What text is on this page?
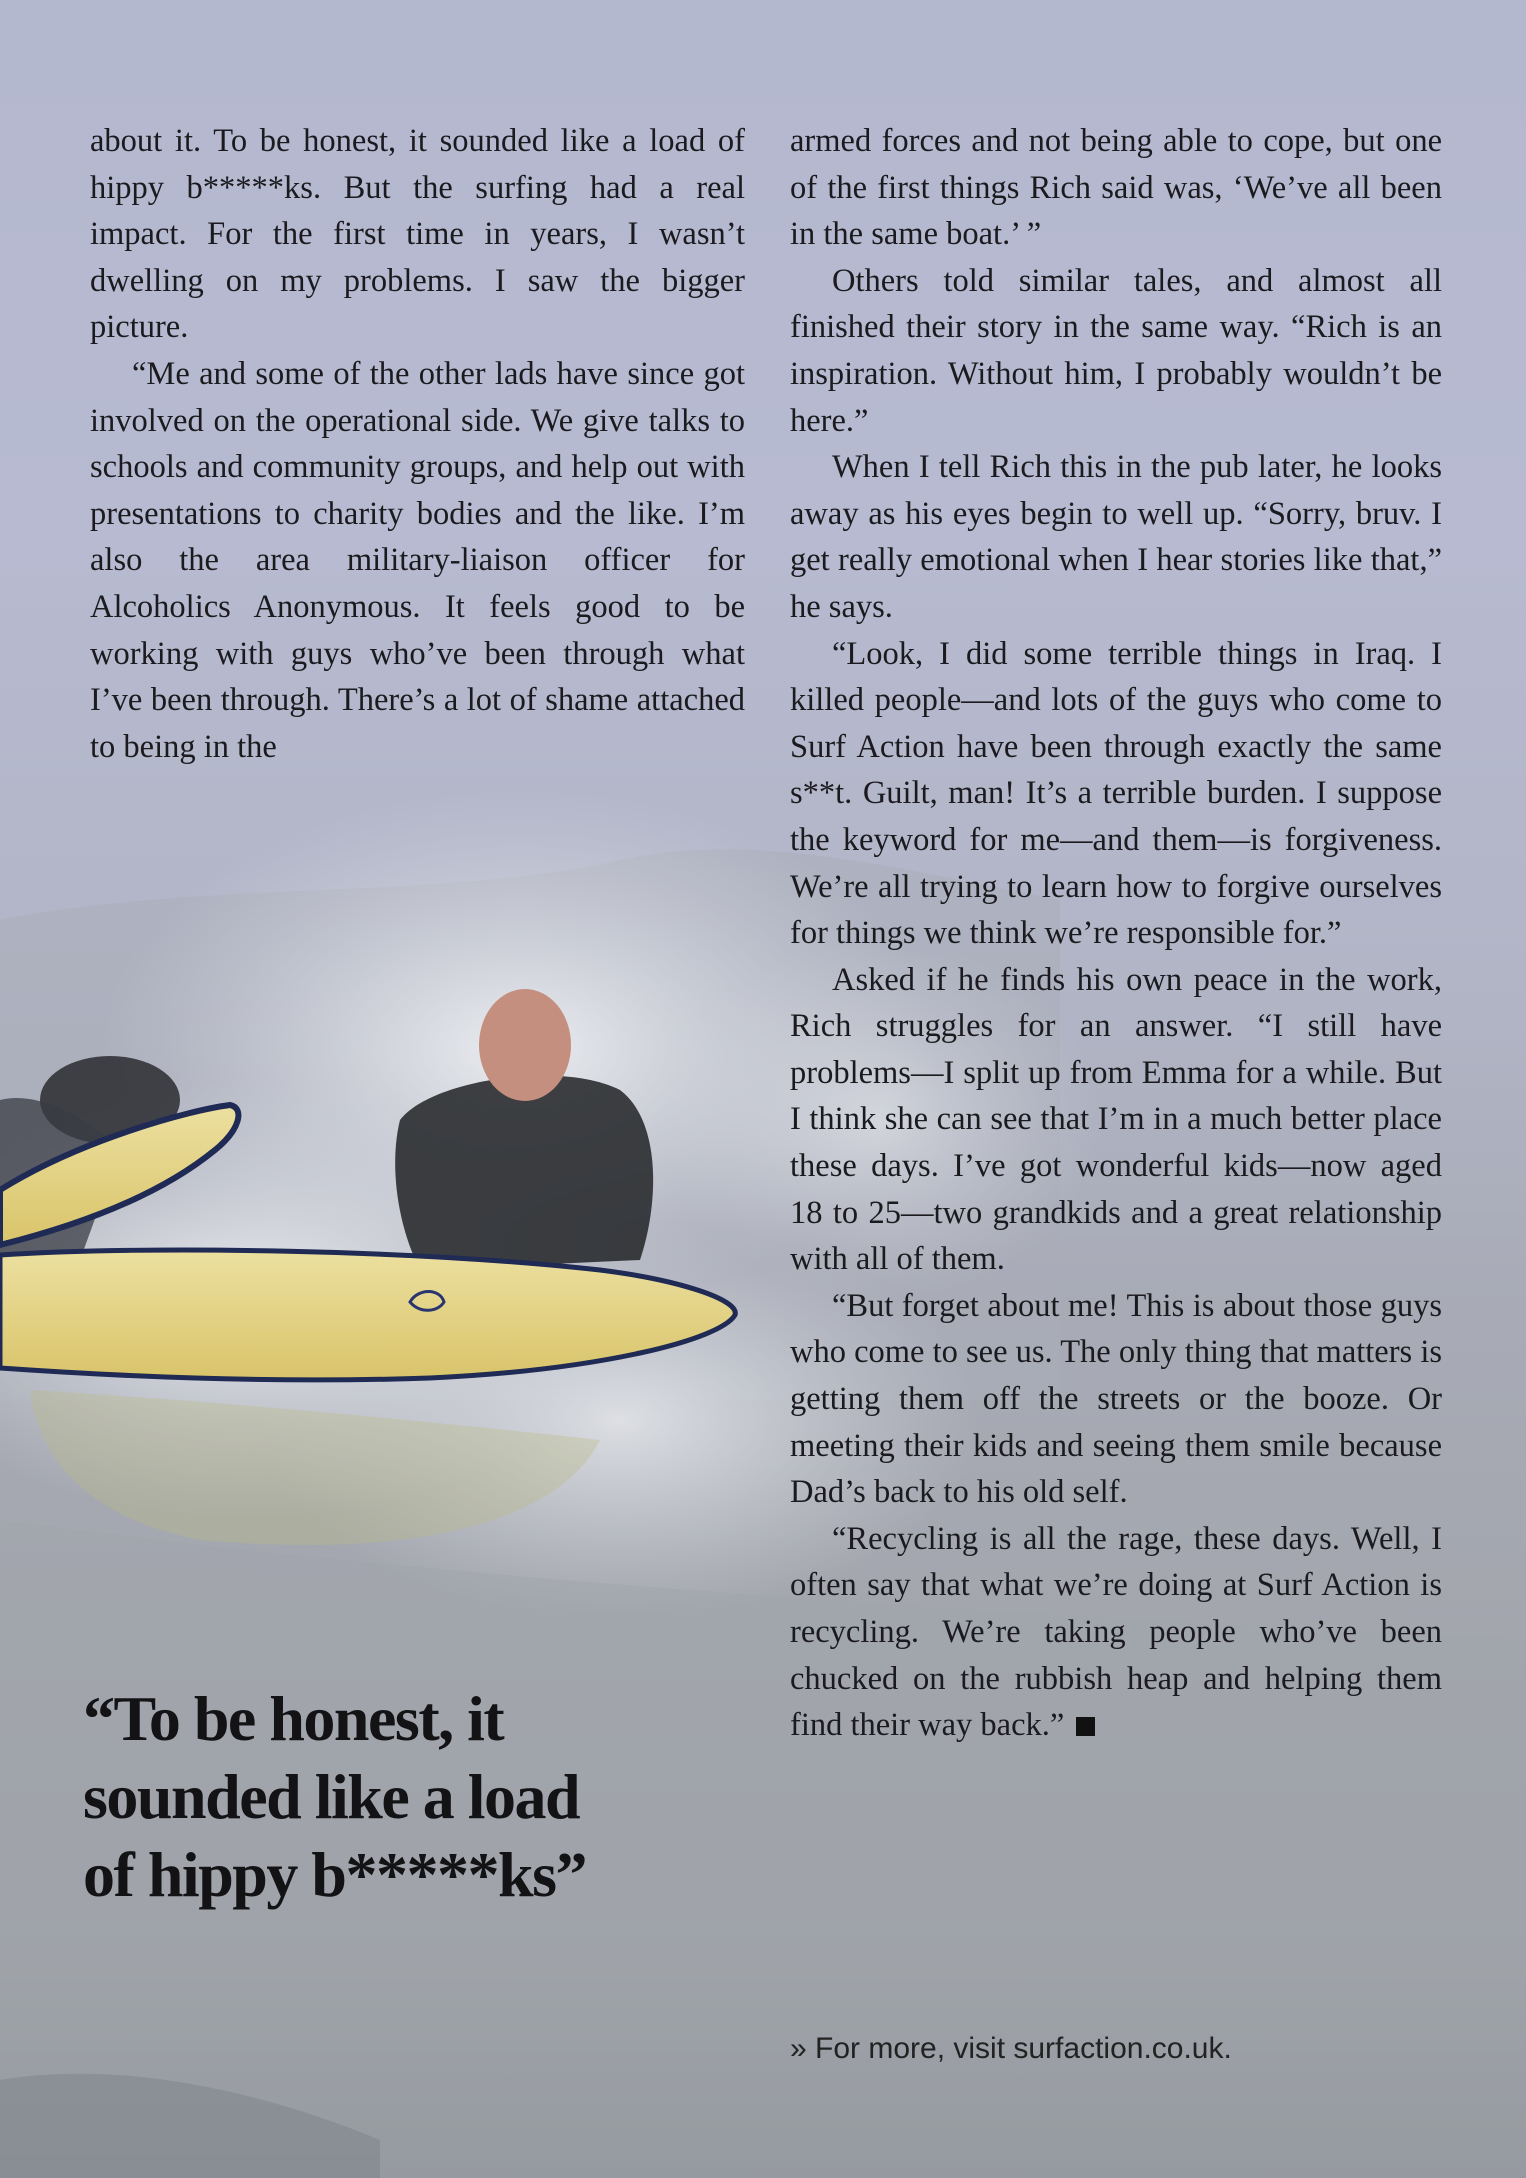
about it. To be honest, it sounded like a load of hippy b*****ks. But the surfing had a real impact. For the first time in years, I wasn’t dwelling on my problems. I saw the bigger picture.

“Me and some of the other lads have since got involved on the operational side. We give talks to schools and community groups, and help out with presentations to charity bodies and the like. I’m also the area military-liaison officer for Alcoholics Anonymous. It feels good to be working with guys who’ve been through what I’ve been through. There’s a lot of shame attached to being in the

armed forces and not being able to cope, but one of the first things Rich said was, ‘We’ve all been in the same boat.’ ”

Others told similar tales, and almost all finished their story in the same way. “Rich is an inspiration. Without him, I probably wouldn’t be here.”

When I tell Rich this in the pub later, he looks away as his eyes begin to well up. “Sorry, bruv. I get really emotional when I hear stories like that,” he says.

“Look, I did some terrible things in Iraq. I killed people—and lots of the guys who come to Surf Action have been through exactly the same s**t. Guilt, man! It’s a terrible burden. I suppose the keyword for me—and them—is forgiveness. We’re all trying to learn how to forgive ourselves for things we think we’re responsible for.”

Asked if he finds his own peace in the work, Rich struggles for an answer. “I still have problems—I split up from Emma for a while. But I think she can see that I’m in a much better place these days. I’ve got wonderful kids—now aged 18 to 25—two grandkids and a great relationship with all of them.

“But forget about me! This is about those guys who come to see us. The only thing that matters is getting them off the streets or the booze. Or meeting their kids and seeing them smile because Dad’s back to his old self.

“Recycling is all the rage, these days. Well, I often say that what we’re doing at Surf Action is recycling. We’re taking people who’ve been chucked on the rubbish heap and helping them find their way back.”

“To be honest, it sounded like a load of hippy b*****ks”

» For more, visit surfaction.co.uk.
